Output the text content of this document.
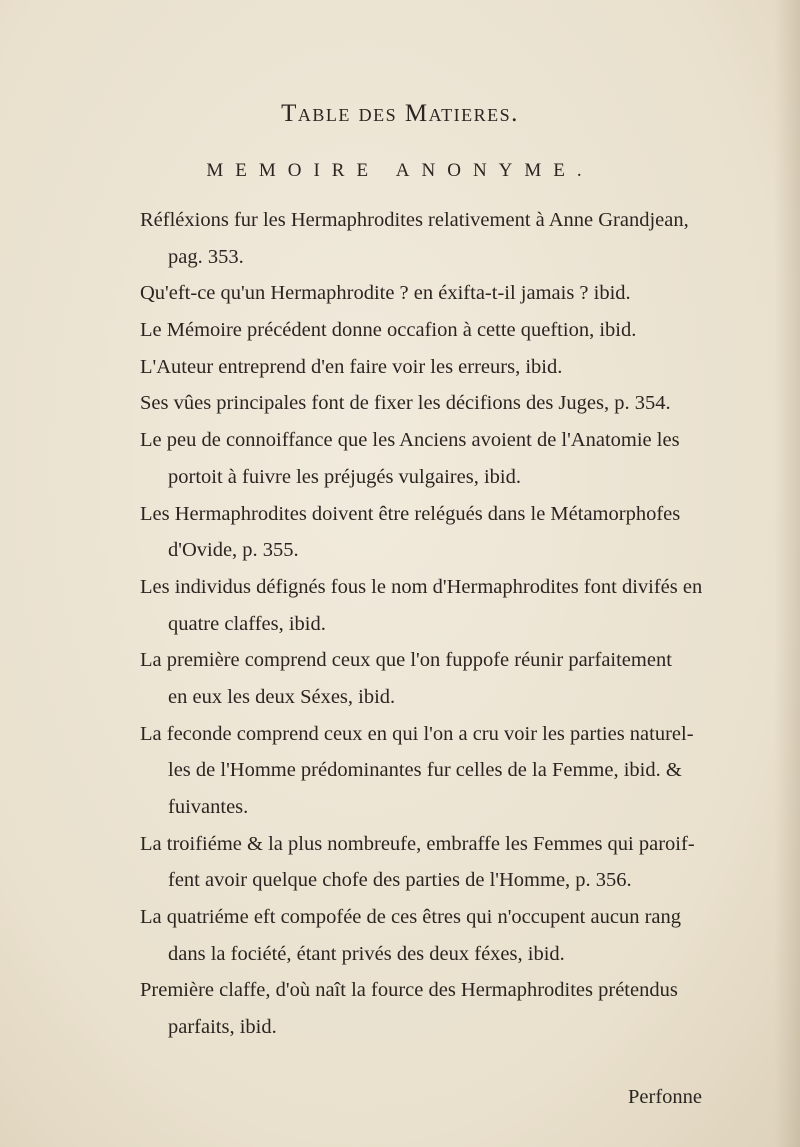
Table des Matieres.
MEMOIRE ANONYME.
Réfléxions fur les Hermaphrodites relativement à Anne Grandjean,
pag. 353.
Qu'eft-ce qu'un Hermaphrodite ? en éxifta-t-il jamais ? ibid.
Le Mémoire précédent donne occafion à cette queftion, ibid.
L'Auteur entreprend d'en faire voir les erreurs, ibid.
Ses vûes principales font de fixer les décifions des Juges, p. 354.
Le peu de connoiffance que les Anciens avoient de l'Anatomie les
portoit à fuivre les préjugés vulgaires, ibid.
Les Hermaphrodites doivent être relégués dans le Métamorphofes
d'Ovide, p. 355.
Les individus défignés fous le nom d'Hermaphrodites font divifés en
quatre claffes, ibid.
La première comprend ceux que l'on fuppofe réunir parfaitement
en eux les deux Séxes, ibid.
La feconde comprend ceux en qui l'on a cru voir les parties naturel-
les de l'Homme prédominantes fur celles de la Femme, ibid. &
fuivantes.
La troifiéme & la plus nombreufe, embraffe les Femmes qui paroif-
fent avoir quelque chofe des parties de l'Homme, p. 356.
La quatriéme eft compofée de ces êtres qui n'occupent aucun rang
dans la fociété, étant privés des deux féxes, ibid.
Première claffe, d'où naît la fource des Hermaphrodites prétendus
parfaits, ibid.
Perfonne
